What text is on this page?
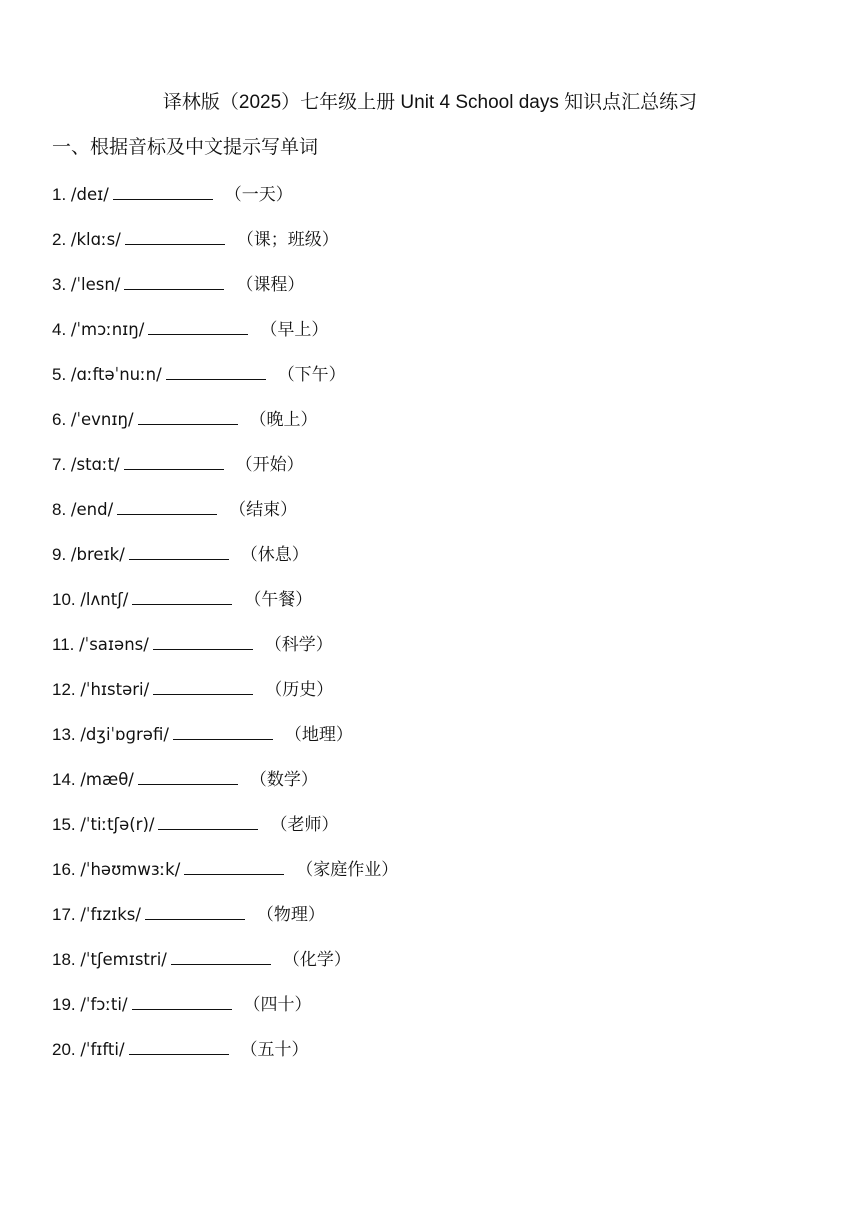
译林版（2025）七年级上册 Unit 4 School days 知识点汇总练习
一、根据音标及中文提示写单词
1. /deɪ/	（一天）
2. /klɑːs/	（课；班级）
3. /ˈlesn/	（课程）
4. /ˈmɔːnɪŋ/	（早上）
5. /ɑːftəˈnuːn/	（下午）
6. /ˈevnɪŋ/	（晚上）
7. /stɑːt/	（开始）
8. /end/	（结束）
9. /breɪk/	（休息）
10. /lʌntʃ/	（午餐）
11. /ˈsaɪəns/	（科学）
12. /ˈhɪstəri/	（历史）
13. /dʒiˈɒɡrəfi/	（地理）
14. /mæθ/	（数学）
15. /ˈtiːtʃə(r)/	（老师）
16. /ˈhəʊmwɜːk/	（家庭作业）
17. /ˈfɪzɪks/	（物理）
18. /ˈtʃemɪstri/	（化学）
19. /ˈfɔːti/	（四十）
20. /ˈfɪfti/	（五十）
